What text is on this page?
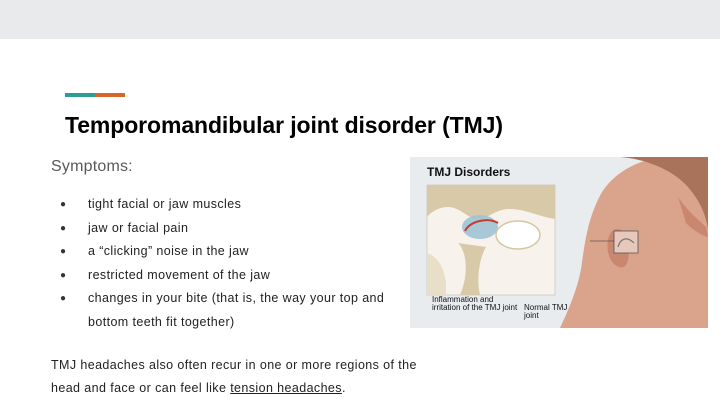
Temporomandibular joint disorder (TMJ)
Symptoms:
● tight facial or jaw muscles
● jaw or facial pain
● a “clicking” noise in the jaw
● restricted movement of the jaw
● changes in your bite (that is, the way your top and bottom teeth fit together)

TMJ headaches also often recur in one or more regions of the head and face or can feel like tension headaches.

TMJ Disorders
Inflammation and irritation of the TMJ joint Normal TMJ joint
